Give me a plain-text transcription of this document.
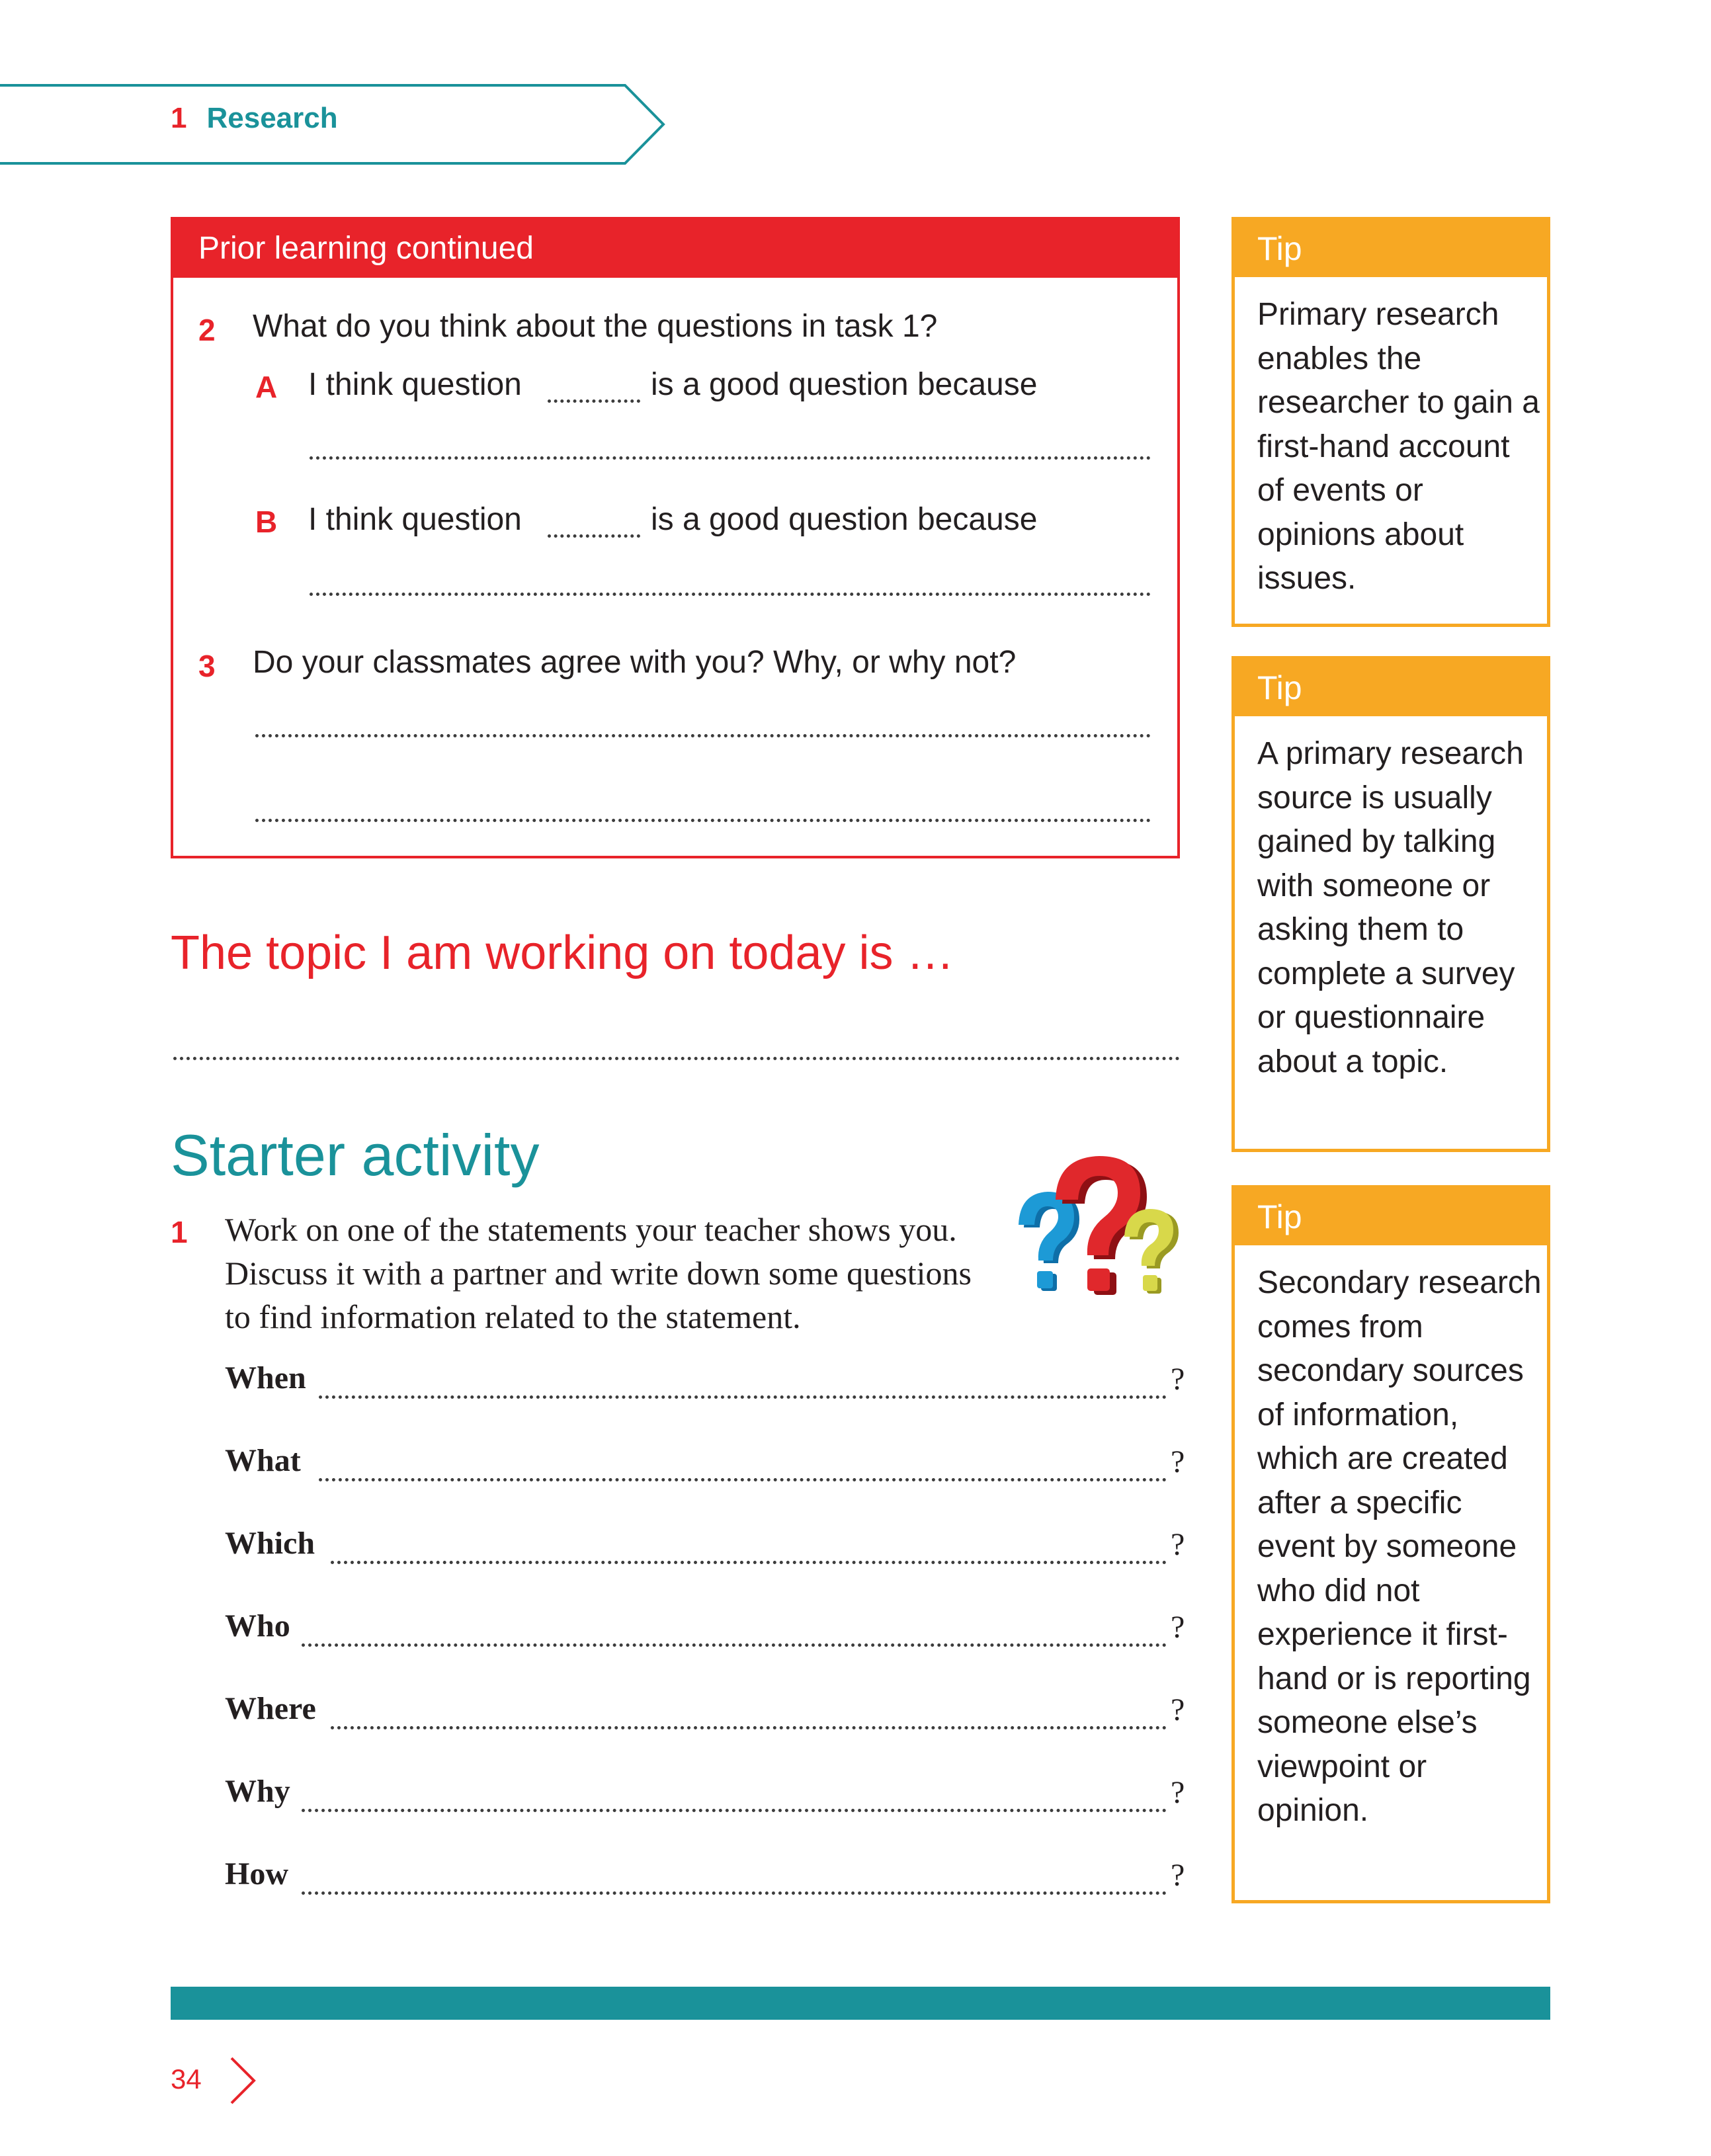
1 Research
Prior learning continued
2 What do you think about the questions in task 1?
A I think question	is a good question because
B I think question	is a good question because
3 Do your classmates agree with you? Why, or why not?
The topic I am working on today is …
Starter activity
1 Work on one of the statements your teacher shows you. Discuss it with a partner and write down some questions to find information related to the statement.
When	?
What	?
Which	?
Who	?
Where	?
Why	?
How	?
Tip
Primary research enables the researcher to gain a first-hand account of events or opinions about issues.
Tip
A primary research source is usually gained by talking with someone or asking them to complete a survey or questionnaire about a topic.
Tip
Secondary research comes from secondary sources of information, which are created after a specific event by someone who did not experience it first-hand or is reporting someone else’s viewpoint or opinion.
34
